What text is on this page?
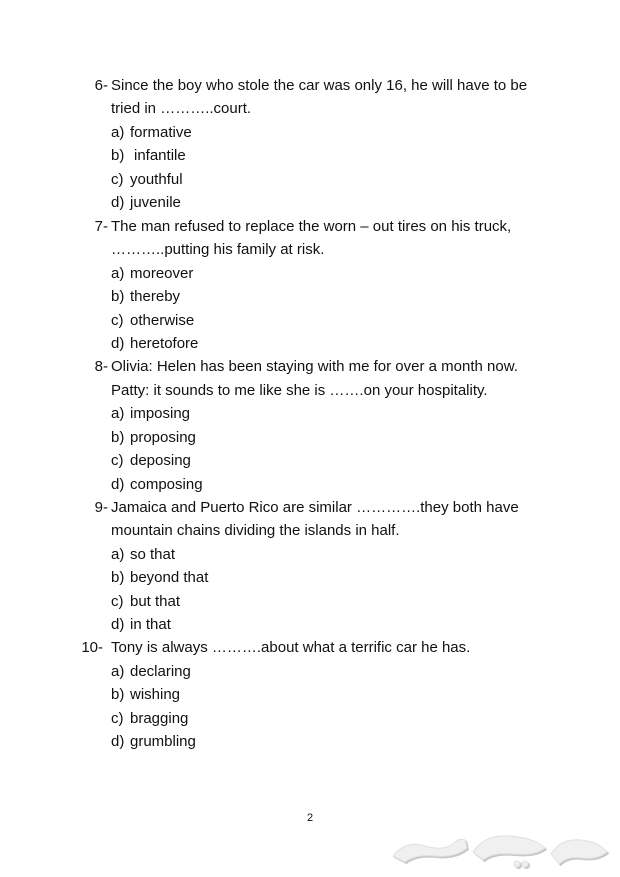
6- Since the boy who stole the car was only 16, he will have to be
tried in ………..court.
a) formative
b) infantile
c) youthful
d) juvenile
7- The man refused to replace the worn – out tires on his truck,
………..putting his family at risk.
a) moreover
b) thereby
c) otherwise
d) heretofore
8- Olivia: Helen has been staying with me for over a month now.
Patty: it sounds to me like she is …….on your hospitality.
a) imposing
b) proposing
c) deposing
d) composing
9- Jamaica and Puerto Rico are similar ………….they both have
mountain chains dividing the islands in half.
a) so that
b) beyond that
c) but that
d) in that
10- Tony is always ……….about what a terrific car he has.
a) declaring
b) wishing
c) bragging
d) grumbling
2
